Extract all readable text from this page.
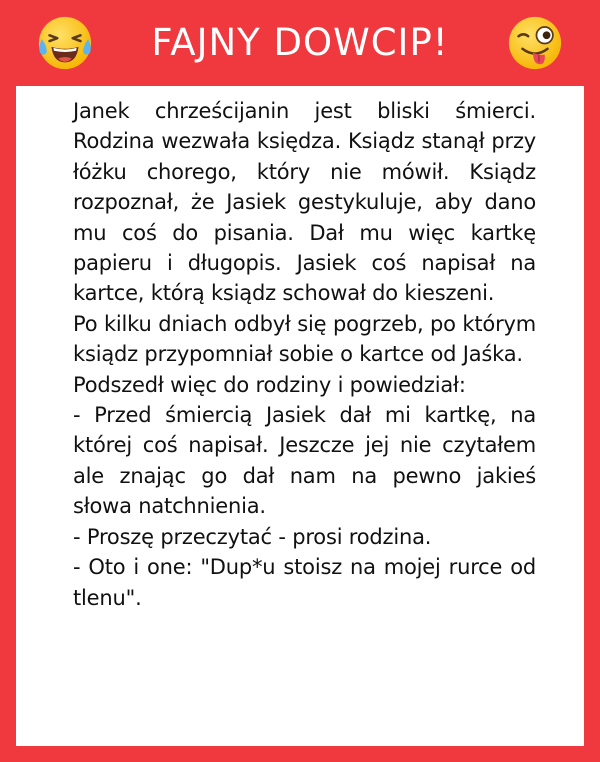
FAJNY DOWCIP!

Janek chrześcijanin jest bliski śmierci. Rodzina wezwała księdza. Ksiądz stanął przy łóżku chorego, który nie mówił. Ksiądz rozpoznał, że Jasiek gestykuluje, aby dano mu coś do pisania. Dał mu więc kartkę papieru i długopis. Jasiek coś napisał na kartce, którą ksiądz schował do kieszeni.

Po kilku dniach odbył się pogrzeb, po którym ksiądz przypomniał sobie o kartce od Jaśka.

Podszedł więc do rodziny i powiedział:

- Przed śmiercią Jasiek dał mi kartkę, na której coś napisał. Jeszcze jej nie czytałem ale znając go dał nam na pewno jakieś słowa natchnienia.

- Proszę przeczytać - prosi rodzina.

- Oto i one: "Dup*u stoisz na mojej rurce od tlenu".
